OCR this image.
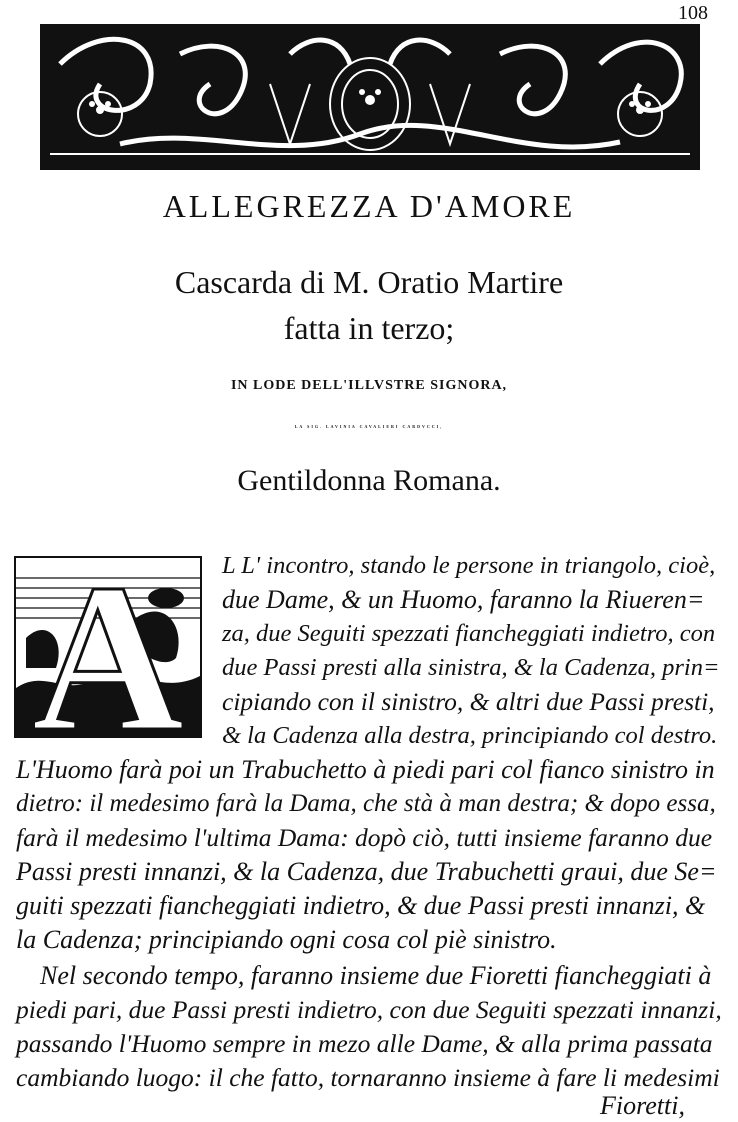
108
ALLEGREZZA D'AMORE
Cascarda di M. Oratio Martire
fatta in terzo;
IN LODE DELL'ILLVSTRE SIGNORA,
LA SIG. LAVINIA CAVALIERI CARDVCCI,
Gentildonna Romana.
A	L L' incontro, stando le persone in triangolo, cioè,
due Dame, & un Huomo, faranno la Riueren=
za, due Seguiti spezzati fiancheggiati indietro, con
due Passi presti alla sinistra, & la Cadenza, prin=
cipiando con il sinistro, & altri due Passi presti,
& la Cadenza alla destra, principiando col destro.
L'Huomo farà poi un Trabuchetto à piedi pari col fianco sinistro in
dietro: il medesimo farà la Dama, che stà à man destra; & dopo essa,
farà il medesimo l'ultima Dama: dopò ciò, tutti insieme faranno due
Passi presti innanzi, & la Cadenza, due Trabuchetti graui, due Se=
guiti spezzati fiancheggiati indietro, & due Passi presti innanzi, &
la Cadenza; principiando ogni cosa col piè sinistro.
Nel secondo tempo, faranno insieme due Fioretti fiancheggiati à
piedi pari, due Passi presti indietro, con due Seguiti spezzati innanzi,
passando l'Huomo sempre in mezo alle Dame, & alla prima passata
cambiando luogo: il che fatto, tornaranno insieme à fare li medesimi
Fioretti,
